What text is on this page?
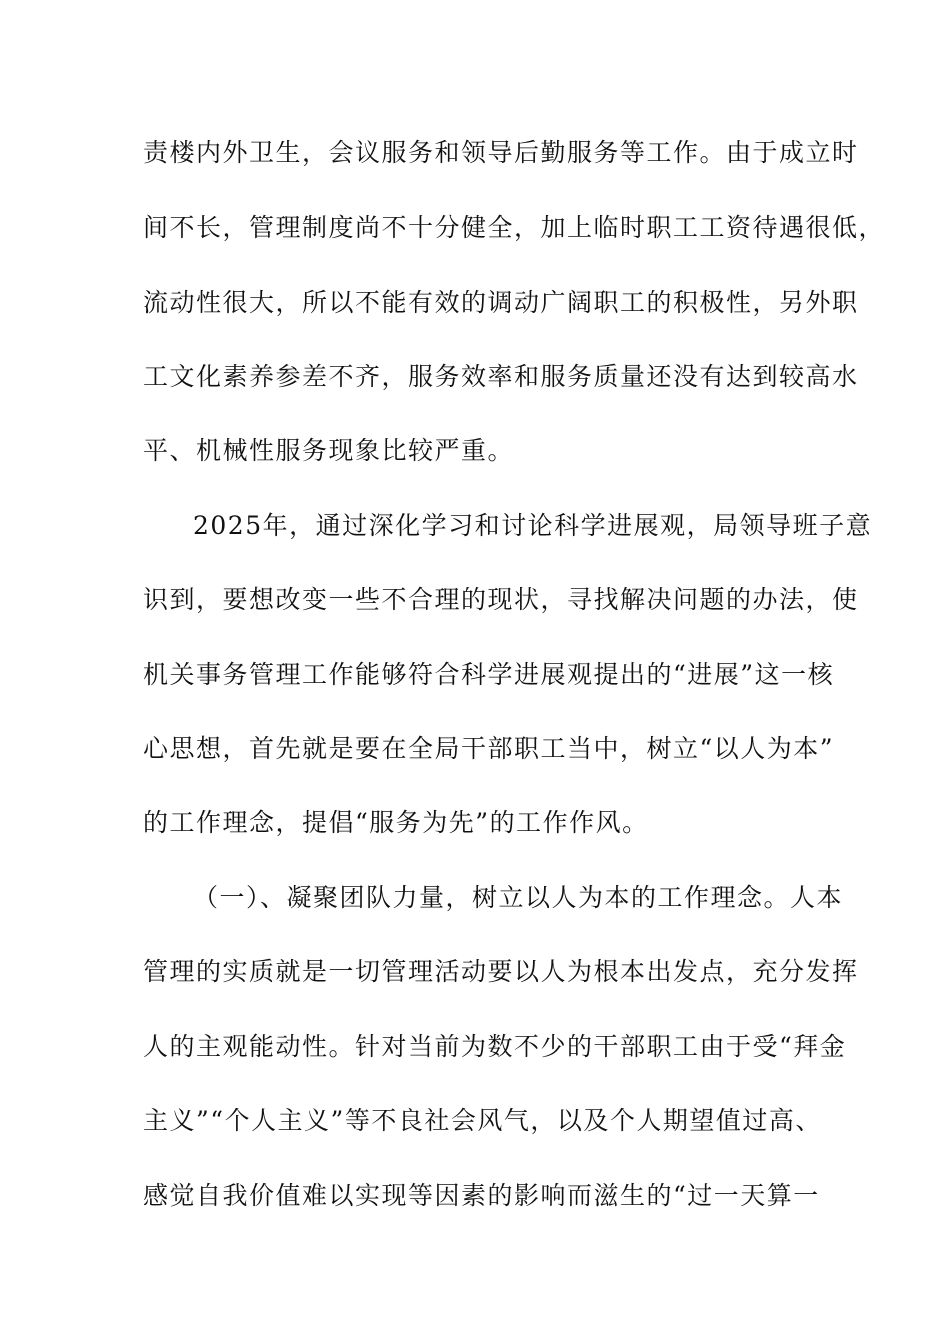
责楼内外卫生，会议服务和领导后勤服务等工作。由于成立时
间不长，管理制度尚不十分健全，加上临时职工工资待遇很低，
流动性很大，所以不能有效的调动广阔职工的积极性，另外职
工文化素养参差不齐，服务效率和服务质量还没有达到较高水
平、机械性服务现象比较严重。
2025年，通过深化学习和讨论科学进展观，局领导班子意
识到，要想改变一些不合理的现状，寻找解决问题的办法，使
机关事务管理工作能够符合科学进展观提出的“进展”这一核
心思想，首先就是要在全局干部职工当中，树立“以人为本”
的工作理念，提倡“服务为先”的工作作风。
（一）、凝聚团队力量，树立以人为本的工作理念。人本
管理的实质就是一切管理活动要以人为根本出发点，充分发挥
人的主观能动性。针对当前为数不少的干部职工由于受“拜金
主义”“个人主义”等不良社会风气，以及个人期望值过高、
感觉自我价值难以实现等因素的影响而滋生的“过一天算一
